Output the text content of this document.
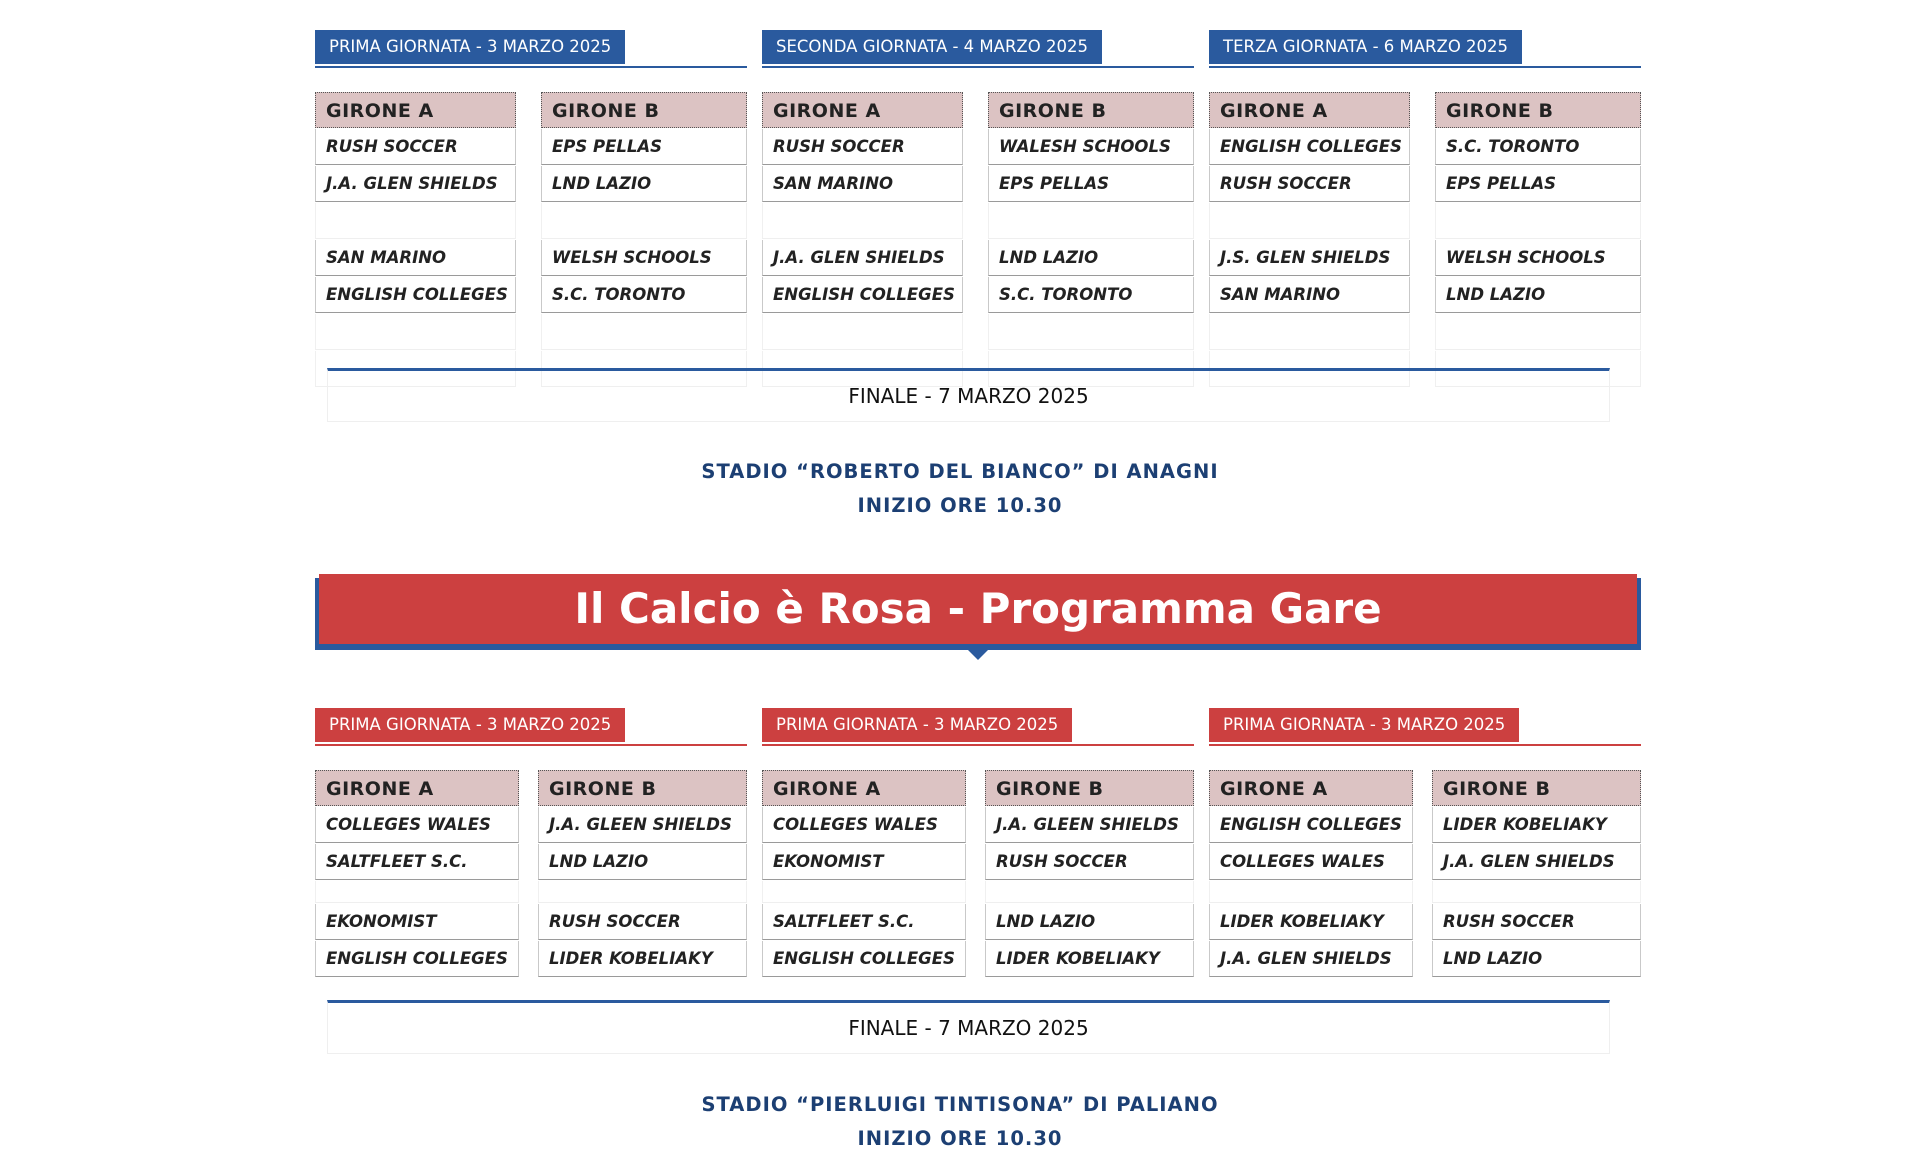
PRIMA GIORNATA - 3 MARZO 2025
GIRONE A
RUSH SOCCER
J.A. GLEN SHIELDS
SAN MARINO
ENGLISH COLLEGES
GIRONE B
EPS PELLAS
LND LAZIO
WELSH SCHOOLS
S.C. TORONTO
SECONDA GIORNATA - 4 MARZO 2025
GIRONE A
RUSH SOCCER
SAN MARINO
J.A. GLEN SHIELDS
ENGLISH COLLEGES
GIRONE B
WALESH SCHOOLS
EPS PELLAS
LND LAZIO
S.C. TORONTO
TERZA GIORNATA - 6 MARZO 2025
GIRONE A
ENGLISH COLLEGES
RUSH SOCCER
J.S. GLEN SHIELDS
SAN MARINO
GIRONE B
S.C. TORONTO
EPS PELLAS
WELSH SCHOOLS
LND LAZIO
FINALE - 7 MARZO 2025
STADIO “ROBERTO DEL BIANCO” DI ANAGNI
INIZIO ORE 10.30
Il Calcio è Rosa - Programma Gare
PRIMA GIORNATA - 3 MARZO 2025
GIRONE A
COLLEGES WALES
SALTFLEET S.C.
EKONOMIST
ENGLISH COLLEGES
GIRONE B
J.A. GLEEN SHIELDS
LND LAZIO
RUSH SOCCER
LIDER KOBELIAKY
PRIMA GIORNATA - 3 MARZO 2025
GIRONE A
COLLEGES WALES
EKONOMIST
SALTFLEET S.C.
ENGLISH COLLEGES
GIRONE B
J.A. GLEEN SHIELDS
RUSH SOCCER
LND LAZIO
LIDER KOBELIAKY
PRIMA GIORNATA - 3 MARZO 2025
GIRONE A
ENGLISH COLLEGES
COLLEGES WALES
LIDER KOBELIAKY
J.A. GLEN SHIELDS
GIRONE B
LIDER KOBELIAKY
J.A. GLEN SHIELDS
RUSH SOCCER
LND LAZIO
FINALE - 7 MARZO 2025
STADIO “PIERLUIGI TINTISONA” DI PALIANO
INIZIO ORE 10.30
